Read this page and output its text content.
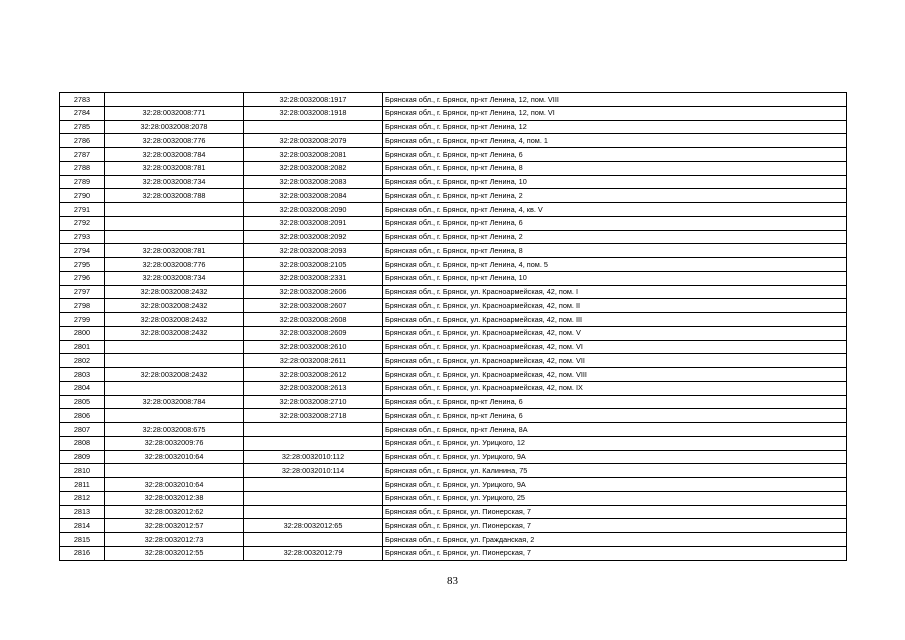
2783		32:28:0032008:1917	Брянская обл., г. Брянск, пр-кт Ленина, 12, пом. VIII
2784	32:28:0032008:771	32:28:0032008:1918	Брянская обл., г. Брянск, пр-кт Ленина, 12, пом. VI
2785	32:28:0032008:2078		Брянская обл., г. Брянск, пр-кт Ленина, 12
2786	32:28:0032008:776	32:28:0032008:2079	Брянская обл., г. Брянск, пр-кт Ленина, 4, пом. 1
2787	32:28:0032008:784	32:28:0032008:2081	Брянская обл., г. Брянск, пр-кт Ленина, 6
2788	32:28:0032008:781	32:28:0032008:2082	Брянская обл., г. Брянск, пр-кт Ленина, 8
2789	32:28:0032008:734	32:28:0032008:2083	Брянская обл., г. Брянск, пр-кт Ленина, 10
2790	32:28:0032008:788	32:28:0032008:2084	Брянская обл., г. Брянск, пр-кт Ленина, 2
2791		32:28:0032008:2090	Брянская обл., г. Брянск, пр-кт Ленина, 4, кв. V
2792		32:28:0032008:2091	Брянская обл., г. Брянск, пр-кт Ленина, 6
2793		32:28:0032008:2092	Брянская обл., г. Брянск, пр-кт Ленина, 2
2794	32:28:0032008:781	32:28:0032008:2093	Брянская обл., г. Брянск, пр-кт Ленина, 8
2795	32:28:0032008:776	32:28:0032008:2105	Брянская обл., г. Брянск, пр-кт Ленина, 4, пом. 5
2796	32:28:0032008:734	32:28:0032008:2331	Брянская обл., г. Брянск, пр-кт Ленина, 10
2797	32:28:0032008:2432	32:28:0032008:2606	Брянская обл., г. Брянск, ул. Красноармейская, 42, пом. I
2798	32:28:0032008:2432	32:28:0032008:2607	Брянская обл., г. Брянск, ул. Красноармейская, 42, пом. II
2799	32:28:0032008:2432	32:28:0032008:2608	Брянская обл., г. Брянск, ул. Красноармейская, 42, пом. III
2800	32:28:0032008:2432	32:28:0032008:2609	Брянская обл., г. Брянск, ул. Красноармейская, 42, пом. V
2801		32:28:0032008:2610	Брянская обл., г. Брянск, ул. Красноармейская, 42, пом. VI
2802		32:28:0032008:2611	Брянская обл., г. Брянск, ул. Красноармейская, 42, пом. VII
2803	32:28:0032008:2432	32:28:0032008:2612	Брянская обл., г. Брянск, ул. Красноармейская, 42, пом. VIII
2804		32:28:0032008:2613	Брянская обл., г. Брянск, ул. Красноармейская, 42, пом. IX
2805	32:28:0032008:784	32:28:0032008:2710	Брянская обл., г. Брянск, пр-кт Ленина, 6
2806		32:28:0032008:2718	Брянская обл., г. Брянск, пр-кт Ленина, 6
2807	32:28:0032008:675		Брянская обл., г. Брянск, пр-кт Ленина, 8А
2808	32:28:0032009:76		Брянская обл., г. Брянск, ул. Урицкого, 12
2809	32:28:0032010:64	32:28:0032010:112	Брянская обл., г. Брянск, ул. Урицкого, 9А
2810		32:28:0032010:114	Брянская обл., г. Брянск, ул. Калинина, 75
2811	32:28:0032010:64		Брянская обл., г. Брянск, ул. Урицкого, 9А
2812	32:28:0032012:38		Брянская обл., г. Брянск, ул. Урицкого, 25
2813	32:28:0032012:62		Брянская обл., г. Брянск, ул. Пионерская, 7
2814	32:28:0032012:57	32:28:0032012:65	Брянская обл., г. Брянск, ул. Пионерская, 7
2815	32:28:0032012:73		Брянская обл., г. Брянск, ул. Гражданская, 2
2816	32:28:0032012:55	32:28:0032012:79	Брянская обл., г. Брянск, ул. Пионерская, 7
83
